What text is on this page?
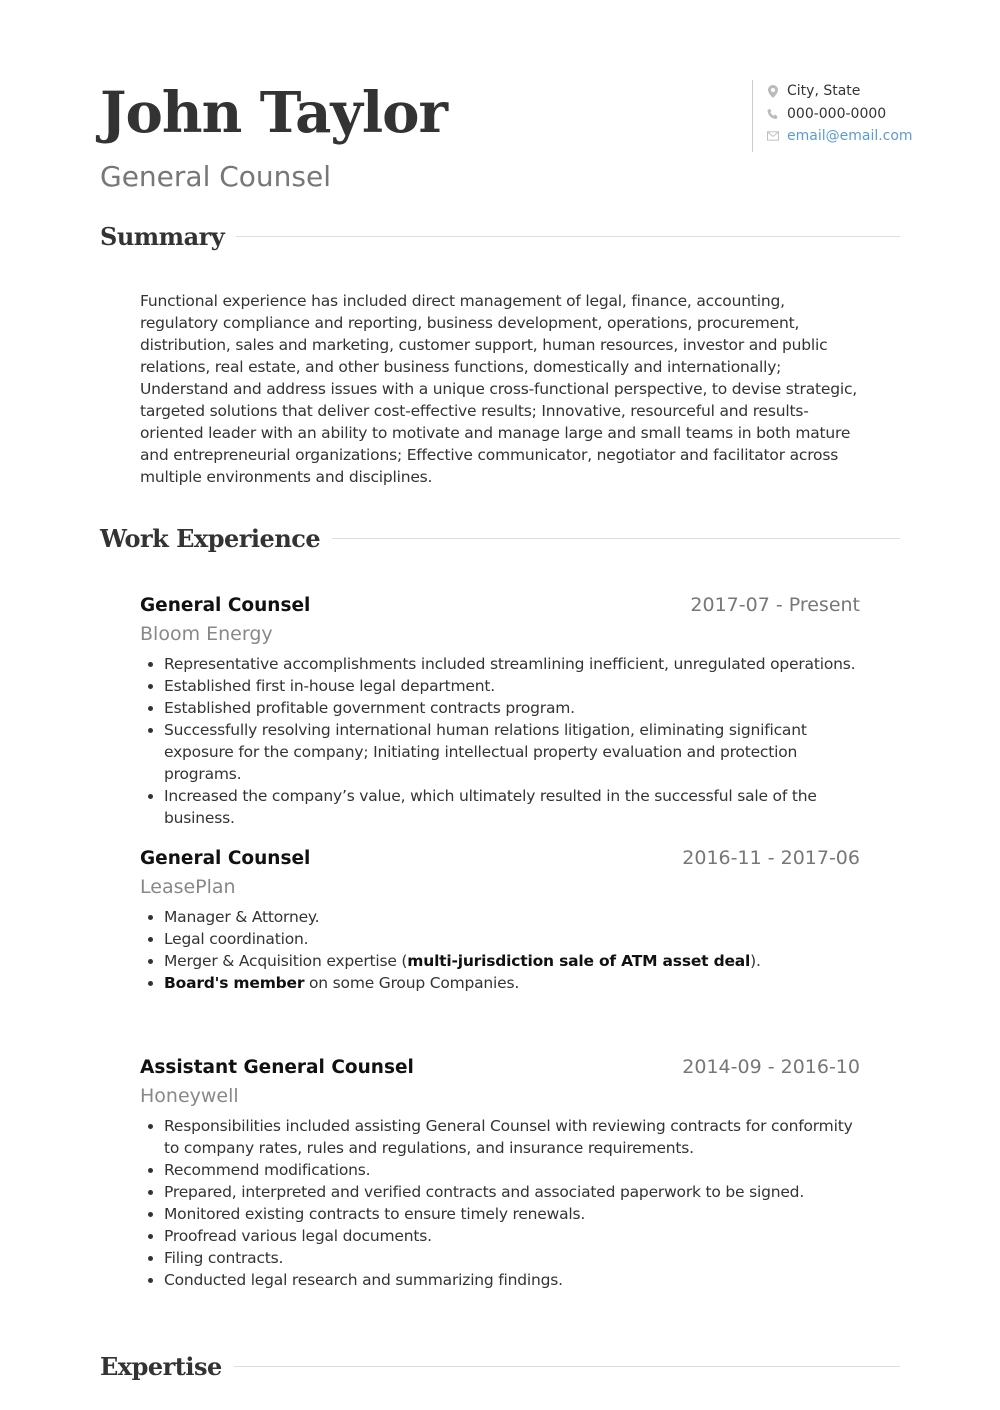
John Taylor
General Counsel
City, State
000-000-0000
email@email.com
Summary

Functional experience has included direct management of legal, finance, accounting, regulatory compliance and reporting, business development, operations, procurement, distribution, sales and marketing, customer support, human resources, investor and public relations, real estate, and other business functions, domestically and internationally; Understand and address issues with a unique cross-functional perspective, to devise strategic, targeted solutions that deliver cost-effective results; Innovative, resourceful and results-oriented leader with an ability to motivate and manage large and small teams in both mature and entrepreneurial organizations; Effective communicator, negotiator and facilitator across multiple environments and disciplines.

Work Experience
General Counsel	2017-07 - Present
Bloom Energy
• Representative accomplishments included streamlining inefficient, unregulated operations.
• Established first in-house legal department.
• Established profitable government contracts program.
• Successfully resolving international human relations litigation, eliminating significant exposure for the company; Initiating intellectual property evaluation and protection programs.
• Increased the company’s value, which ultimately resulted in the successful sale of the business.
General Counsel	2016-11 - 2017-06
LeasePlan
• Manager & Attorney.
• Legal coordination.
• Merger & Acquisition expertise (multi-jurisdiction sale of ATM asset deal).
• Board's member on some Group Companies.
Assistant General Counsel	2014-09 - 2016-10
Honeywell
• Responsibilities included assisting General Counsel with reviewing contracts for conformity to company rates, rules and regulations, and insurance requirements.
• Recommend modifications.
• Prepared, interpreted and verified contracts and associated paperwork to be signed.
• Monitored existing contracts to ensure timely renewals.
• Proofread various legal documents.
• Filing contracts.
• Conducted legal research and summarizing findings.
Expertise
